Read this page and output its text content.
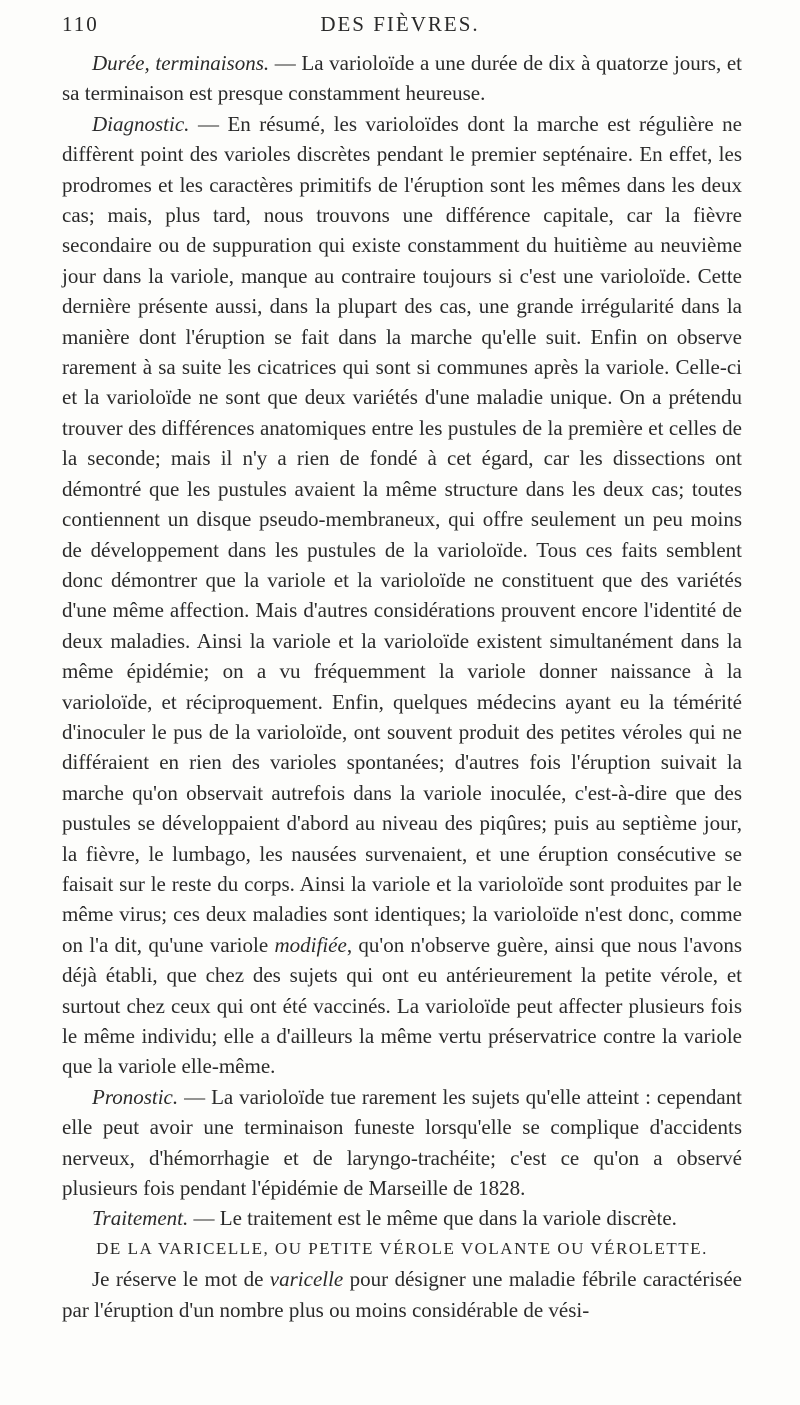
110	DES FIÈVRES.

Durée, terminaisons. — La varioloïde a une durée de dix à quatorze jours, et sa terminaison est presque constamment heureuse.

Diagnostic. — En résumé, les varioloïdes dont la marche est régulière ne diffèrent point des varioles discrètes pendant le premier septénaire. En effet, les prodromes et les caractères primitifs de l'éruption sont les mêmes dans les deux cas; mais, plus tard, nous trouvons une différence capitale, car la fièvre secondaire ou de suppuration qui existe constamment du huitième au neuvième jour dans la variole, manque au contraire toujours si c'est une varioloïde. Cette dernière présente aussi, dans la plupart des cas, une grande irrégularité dans la manière dont l'éruption se fait dans la marche qu'elle suit. Enfin on observe rarement à sa suite les cicatrices qui sont si communes après la variole. Celle-ci et la varioloïde ne sont que deux variétés d'une maladie unique. On a prétendu trouver des différences anatomiques entre les pustules de la première et celles de la seconde; mais il n'y a rien de fondé à cet égard, car les dissections ont démontré que les pustules avaient la même structure dans les deux cas; toutes contiennent un disque pseudo-membraneux, qui offre seulement un peu moins de développement dans les pustules de la varioloïde. Tous ces faits semblent donc démontrer que la variole et la varioloïde ne constituent que des variétés d'une même affection. Mais d'autres considérations prouvent encore l'identité de deux maladies. Ainsi la variole et la varioloïde existent simultanément dans la même épidémie; on a vu fréquemment la variole donner naissance à la varioloïde, et réciproquement. Enfin, quelques médecins ayant eu la témérité d'inoculer le pus de la varioloïde, ont souvent produit des petites véroles qui ne différaient en rien des varioles spontanées; d'autres fois l'éruption suivait la marche qu'on observait autrefois dans la variole inoculée, c'est-à-dire que des pustules se développaient d'abord au niveau des piqûres; puis au septième jour, la fièvre, le lumbago, les nausées survenaient, et une éruption consécutive se faisait sur le reste du corps. Ainsi la variole et la varioloïde sont produites par le même virus; ces deux maladies sont identiques; la varioloïde n'est donc, comme on l'a dit, qu'une variole modifiée, qu'on n'observe guère, ainsi que nous l'avons déjà établi, que chez des sujets qui ont eu antérieurement la petite vérole, et surtout chez ceux qui ont été vaccinés. La varioloïde peut affecter plusieurs fois le même individu; elle a d'ailleurs la même vertu préservatrice contre la variole que la variole elle-même.

Pronostic. — La varioloïde tue rarement les sujets qu'elle atteint : cependant elle peut avoir une terminaison funeste lorsqu'elle se complique d'accidents nerveux, d'hémorrhagie et de laryngo-trachéite; c'est ce qu'on a observé plusieurs fois pendant l'épidémie de Marseille de 1828.

Traitement. — Le traitement est le même que dans la variole discrète.

DE LA VARICELLE, OU PETITE VÉROLE VOLANTE OU VÉROLETTE.

Je réserve le mot de varicelle pour désigner une maladie fébrile caractérisée par l'éruption d'un nombre plus ou moins considérable de vési-
